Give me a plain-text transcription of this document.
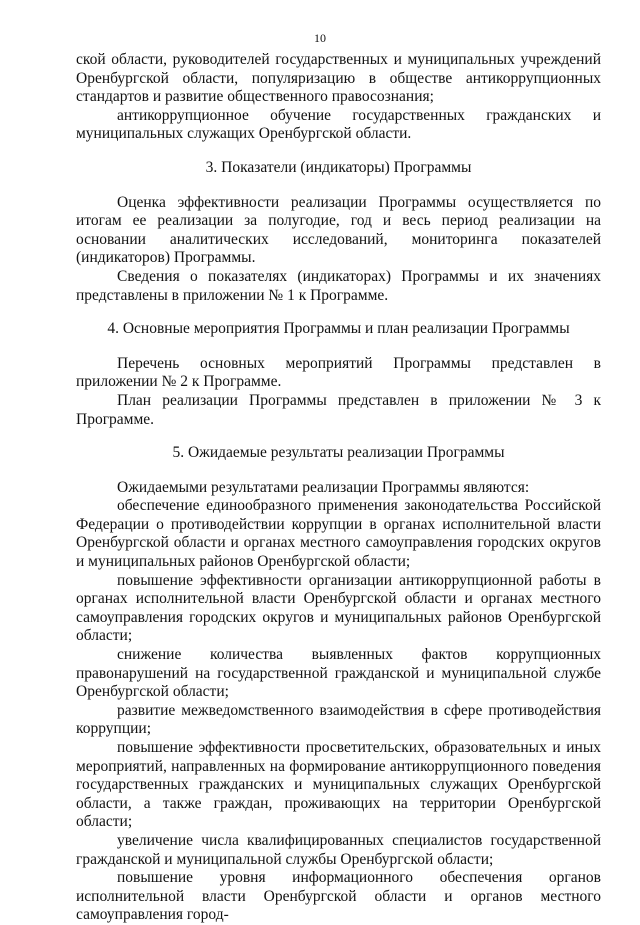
10

ской области, руководителей государственных и муниципальных учреждений Оренбургской области, популяризацию в обществе антикоррупционных стандартов и развитие общественного правосознания;

антикоррупционное обучение государственных гражданских и муниципальных служащих Оренбургской области.

3. Показатели (индикаторы) Программы

Оценка эффективности реализации Программы осуществляется по итогам ее реализации за полугодие, год и весь период реализации на основании аналитических исследований, мониторинга показателей (индикаторов) Программы.

Сведения о показателях (индикаторах) Программы и их значениях представлены в приложении № 1 к Программе.

4. Основные мероприятия Программы и план реализации Программы

Перечень основных мероприятий Программы представлен в приложении № 2 к Программе.

План реализации Программы представлен в приложении № 3 к Программе.

5. Ожидаемые результаты реализации Программы

Ожидаемыми результатами реализации Программы являются:

обеспечение единообразного применения законодательства Российской Федерации о противодействии коррупции в органах исполнительной власти Оренбургской области и органах местного самоуправления городских округов и муниципальных районов Оренбургской области;

повышение эффективности организации антикоррупционной работы в органах исполнительной власти Оренбургской области и органах местного самоуправления городских округов и муниципальных районов Оренбургской области;

снижение количества выявленных фактов коррупционных правонарушений на государственной гражданской и муниципальной службе Оренбургской области;

развитие межведомственного взаимодействия в сфере противодействия коррупции;

повышение эффективности просветительских, образовательных и иных мероприятий, направленных на формирование антикоррупционного поведения государственных гражданских и муниципальных служащих Оренбургской области, а также граждан, проживающих на территории Оренбургской области;

увеличение числа квалифицированных специалистов государственной гражданской и муниципальной службы Оренбургской области;

повышение уровня информационного обеспечения органов исполнительной власти Оренбургской области и органов местного самоуправления город-
